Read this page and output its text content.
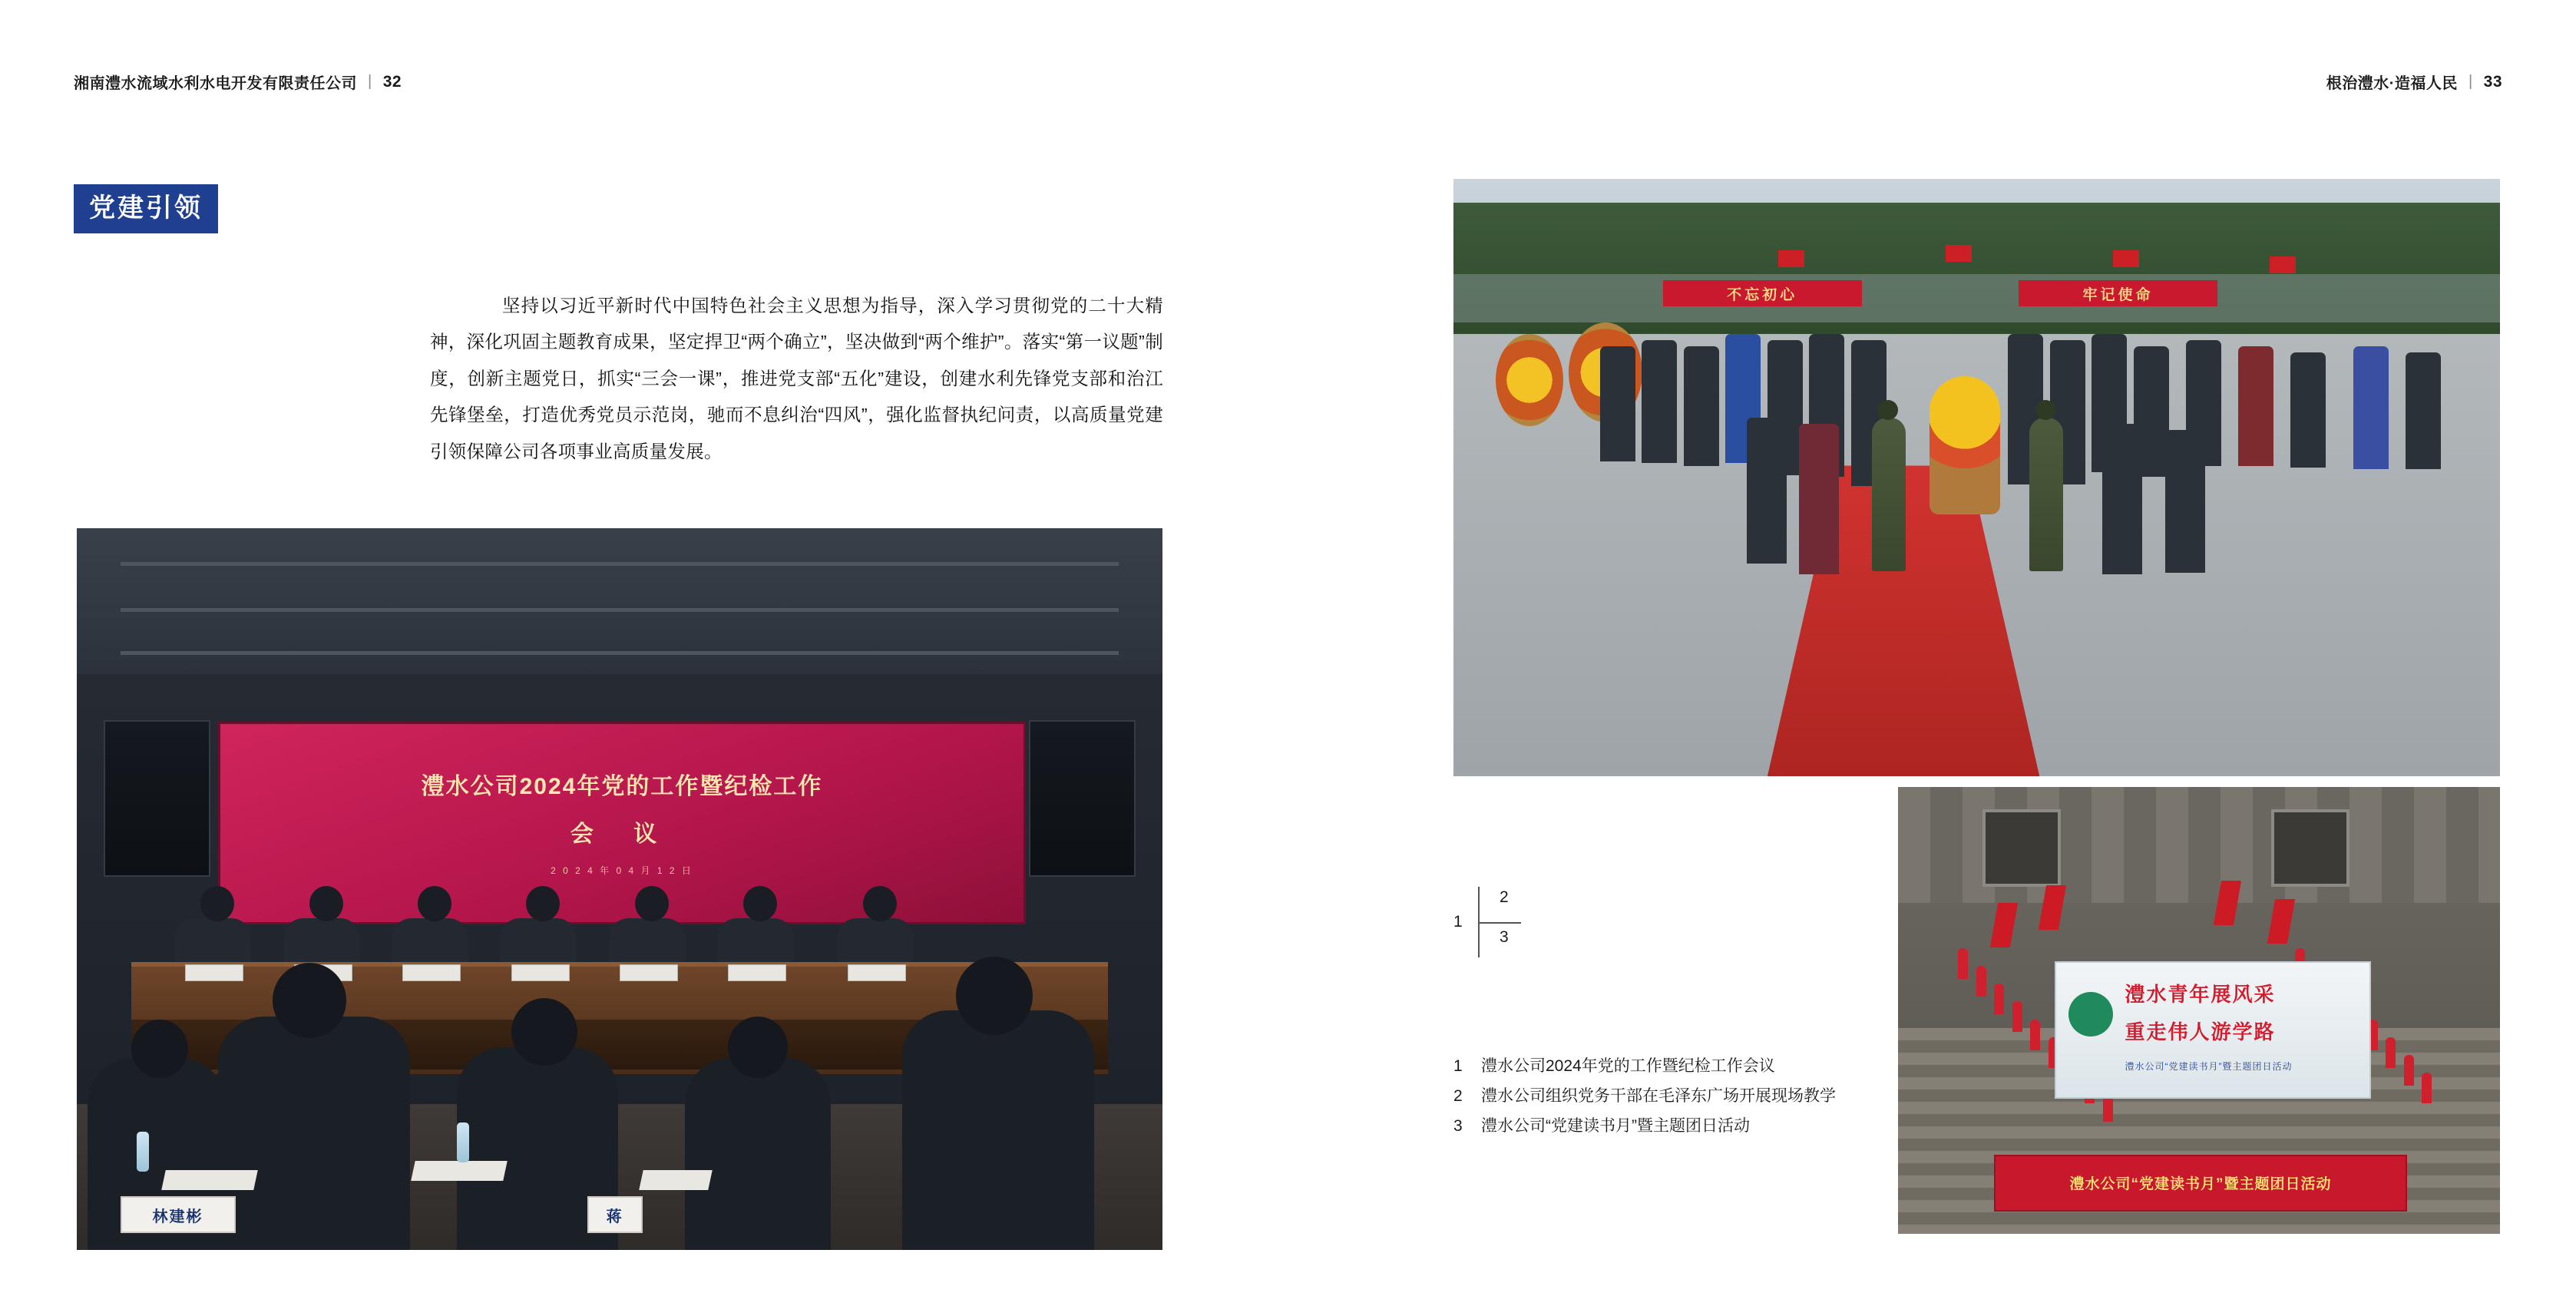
湘南澧水流域水利水电开发有限责任公司 | 32	根治澧水·造福人民 | 33
党建引领
坚持以习近平新时代中国特色社会主义思想为指导，深入学习贯彻党的二十大精神，深化巩固主题教育成果，坚定捍卫“两个确立”，坚决做到“两个维护”。落实“第一议题”制度，创新主题党日，抓实“三会一课”，推进党支部“五化”建设，创建水利先锋党支部和治江先锋堡垒，打造优秀党员示范岗，驰而不息纠治“四风”，强化监督执纪问责，以高质量党建引领保障公司各项事业高质量发展。
澧水公司2024年党的工作暨纪检工作
会 议
2 0 2 4 年 0 4 月 1 2 日
林建彬	蒋
不忘初心	牢记使命
澧水青年展风采
重走伟人游学路
澧水公司“党建读书月”暨主题团日活动
澧水公司“党建读书月”暨主题团日活动
1
2
3
1	澧水公司2024年党的工作暨纪检工作会议
2	澧水公司组织党务干部在毛泽东广场开展现场教学
3	澧水公司“党建读书月”暨主题团日活动
